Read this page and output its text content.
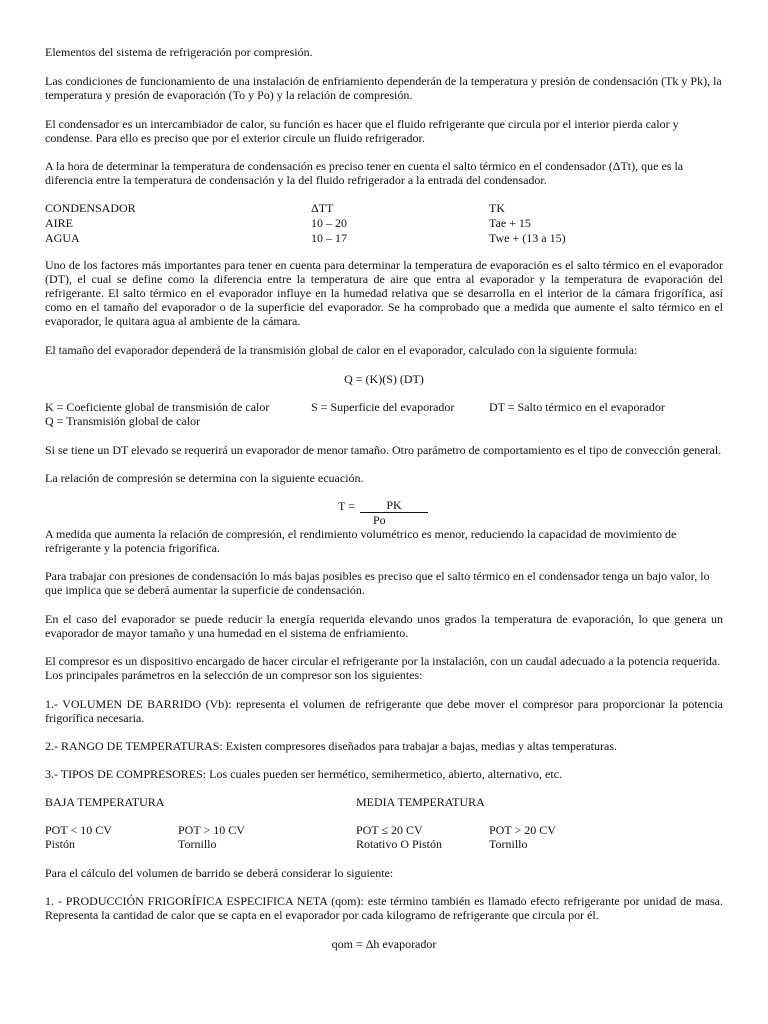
Elementos del sistema de refrigeración por compresión.

Las condiciones de funcionamiento de una instalación de enfriamiento dependerán de la temperatura y presión de condensación (Tk y Pk), la temperatura y presión de evaporación (To y Po) y la relación de compresión.

El condensador es un intercambiador de calor, su función es hacer que el fluido refrigerante que circula por el interior pierda calor y condense. Para ello es preciso que por el exterior circule un fluido refrigerador.

A la hora de determinar la temperatura de condensación es preciso tener en cuenta el salto térmico en el condensador (ΔTt), que es la diferencia entre la temperatura de condensación y la del fluido refrigerador a la entrada del condensador.

CONDENSADOR	ΔTT	TK

AIRE	10 – 20	Tae + 15

AGUA	10 – 17	Twe + (13 a 15)

Uno de los factores más importantes para tener en cuenta para determinar la temperatura de evaporación es el salto térmico en el evaporador (DT), el cual se define como la diferencia entre la temperatura de aire que entra al evaporador y la temperatura de evaporación del refrigerante. El salto térmico en el evaporador influye en la humedad relativa que se desarrolla en el interior de la cámara frigorífica, así como en el tamaño del evaporador o de la superficie del evaporador. Se ha comprobado que a medida que aumente el salto térmico en el evaporador, le quitara agua al ambiente de la cámara.

El tamaño del evaporador dependerá de la transmisión global de calor en el evaporador, calculado con la siguiente formula:

Q = (K)(S) (DT)

K = Coeficiente global de transmisión de calor	S = Superficie del evaporador	DT = Salto térmico en el evaporador

Q = Transmisión global de calor

Si se tiene un DT elevado se requerirá un evaporador de menor tamaño. Otro parámetro de comportamiento es el tipo de convección general.

La relación de compresión se determina con la siguiente ecuación.

T =	PK

Po

A medida que aumenta la relación de compresión, el rendimiento volumétrico es menor, reduciendo la capacidad de movimiento de refrigerante y la potencia frigorífica.

Para trabajar con presiones de condensación lo más bajas posibles es preciso que el salto térmico en el condensador tenga un bajo valor, lo que implica que se deberá aumentar la superficie de condensación.

En el caso del evaporador se puede reducir la energía requerida elevando unos grados la temperatura de evaporación, lo que genera un evaporador de mayor tamaño y una humedad en el sistema de enfriamiento.

El compresor es un dispositivo encargado de hacer circular el refrigerante por la instalación, con un caudal adecuado a la potencia requerida. Los principales parámetros en la selección de un compresor son los siguientes:

1.- VOLUMEN DE BARRIDO (Vb): representa el volumen de refrigerante que debe mover el compresor para proporcionar la potencia frigorífica necesaria.

2.- RANGO DE TEMPERATURAS: Existen compresores diseñados para trabajar a bajas, medias y altas temperaturas.

3.- TIPOS DE COMPRESORES: Los cuales pueden ser hermético, semihermetico, abierto, alternativo, etc.

BAJA TEMPERATURA	MEDIA TEMPERATURA

POT < 10 CV	POT > 10 CV	POT ≤ 20 CV	POT > 20 CV

Pistón	Tornillo	Rotativo O Pistón	Tornillo

Para el cálculo del volumen de barrido se deberá considerar lo siguiente:

1. - PRODUCCIÓN FRIGORÍFICA ESPECIFICA NETA (qom): este término también es llamado efecto refrigerante por unidad de masa. Representa la cantidad de calor que se capta en el evaporador por cada kilogramo de refrigerante que circula por él.

qom = Δh evaporador
